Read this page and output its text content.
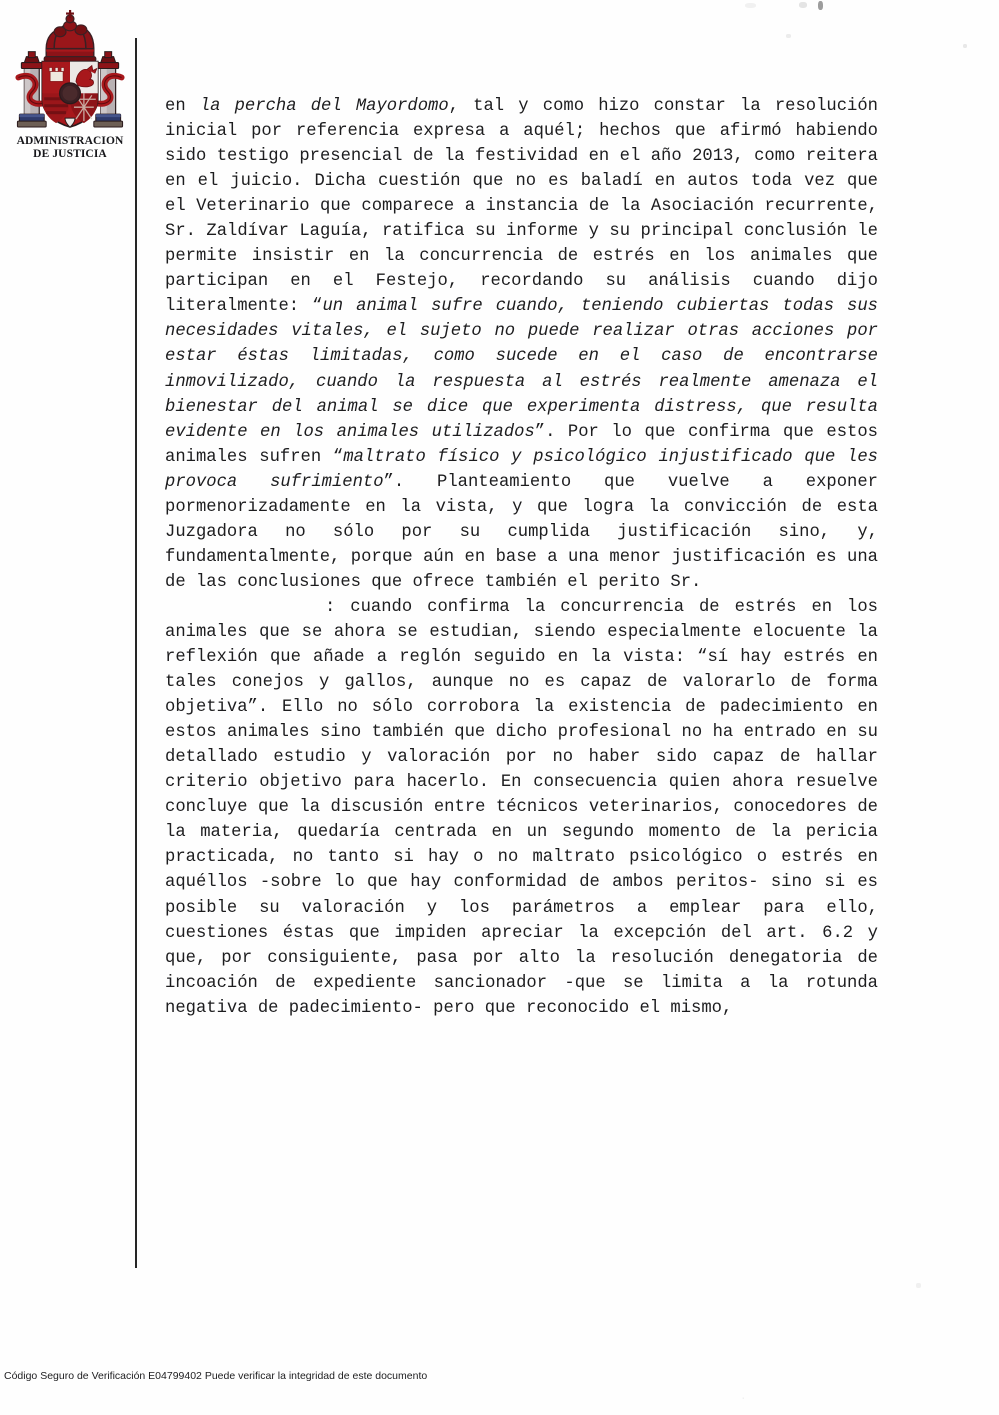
ADMINISTRACION
DE JUSTICIA

en la percha del Mayordomo, tal y como hizo constar la resolución inicial por referencia expresa a aquél; hechos que afirmó habiendo sido testigo presencial de la festividad en el año 2013, como reitera en el juicio. Dicha cuestión que no es baladí en autos toda vez que el Veterinario que comparece a instancia de la Asociación recurrente, Sr. Zaldívar Laguía, ratifica su informe y su principal conclusión le permite insistir en la concurrencia de estrés en los animales que participan en el Festejo, recordando su análisis cuando dijo literalmente: “un animal sufre cuando, teniendo cubiertas todas sus necesidades vitales, el sujeto no puede realizar otras acciones por estar éstas limitadas, como sucede en el caso de encontrarse inmovilizado, cuando la respuesta al estrés realmente amenaza el bienestar del animal se dice que experimenta distress, que resulta evidente en los animales utilizados”. Por lo que confirma que estos animales sufren “maltrato físico y psicológico injustificado que les provoca sufrimiento”. Planteamiento que vuelve a exponer pormenorizadamente en la vista, y que logra la convicción de esta Juzgadora no sólo por su cumplida justificación sino, y, fundamentalmente, porque aún en base a una menor justificación es una de las conclusiones que ofrece también el perito Sr.

: cuando confirma la concurrencia de estrés en los animales que se ahora se estudian, siendo especialmente elocuente la reflexión que añade a reglón seguido en la vista: “sí hay estrés en tales conejos y gallos, aunque no es capaz de valorarlo de forma objetiva”. Ello no sólo corrobora la existencia de padecimiento en estos animales sino también que dicho profesional no ha entrado en su detallado estudio y valoración por no haber sido capaz de hallar criterio objetivo para hacerlo. En consecuencia quien ahora resuelve concluye que la discusión entre técnicos veterinarios, conocedores de la materia, quedaría centrada en un segundo momento de la pericia practicada, no tanto si hay o no maltrato psicológico o estrés en aquéllos -sobre lo que hay conformidad de ambos peritos- sino si es posible su valoración y los parámetros a emplear para ello, cuestiones éstas que impiden apreciar la excepción del art. 6.2 y que, por consiguiente, pasa por alto la resolución denegatoria de incoación de expediente sancionador -que se limita a la rotunda negativa de padecimiento- pero que reconocido el mismo,

Código Seguro de Verificación E04799402 Puede verificar la integridad de este documento
·
